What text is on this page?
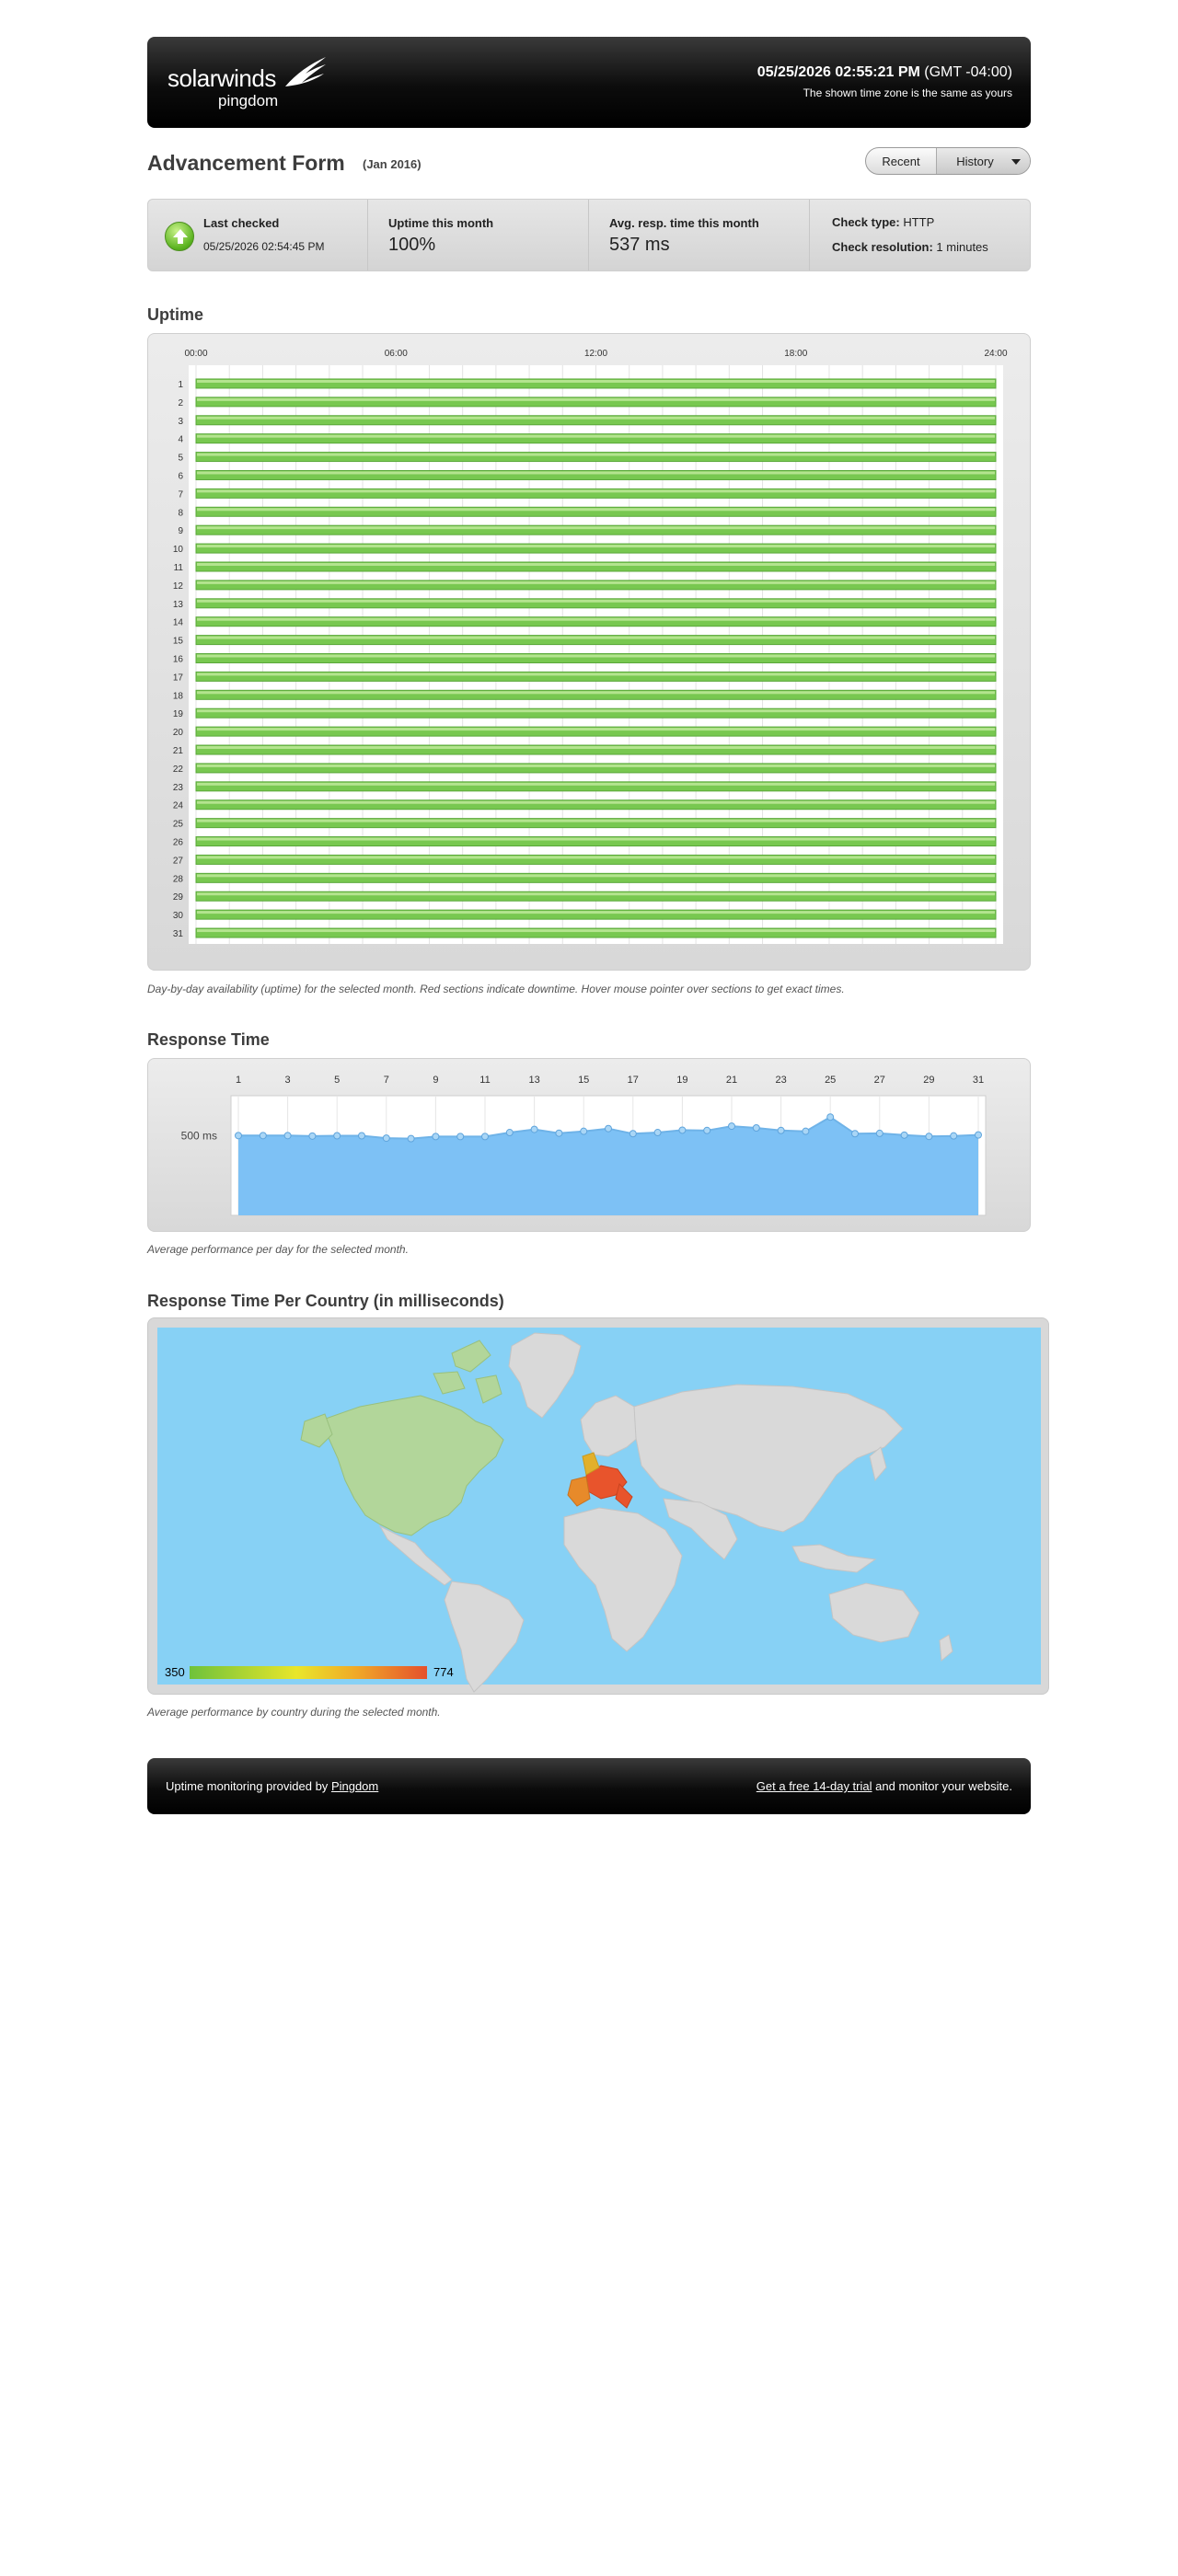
solarwinds
pingdom
05/25/2026 02:55:21 PM (GMT -04:00)
The shown time zone is the same as yours
Advancement Form (Jan 2016)	Recent	History
Last checked
05/25/2026 02:54:45 PM
Uptime this month
100%
Avg. resp. time this month
537 ms
Check type: HTTP
Check resolution: 1 minutes
Uptime
00:00	06:00	12:00	18:00	24:00
1
2
3
4
5
6
7
8
9
10
11
12
13
14
15
16
17
18
19
20
21
22
23
24
25
26
27
28
29
30
31
Day-by-day availability (uptime) for the selected month. Red sections indicate downtime. Hover mouse pointer over sections to get exact times.
Response Time
1	3	5	7	9	11	13	15	17	19	21	23	25	27	29	31
500 ms
Average performance per day for the selected month.
Response Time Per Country (in milliseconds)
350	774
Average performance by country during the selected month.
Uptime monitoring provided by Pingdom	Get a free 14-day trial and monitor your website.
